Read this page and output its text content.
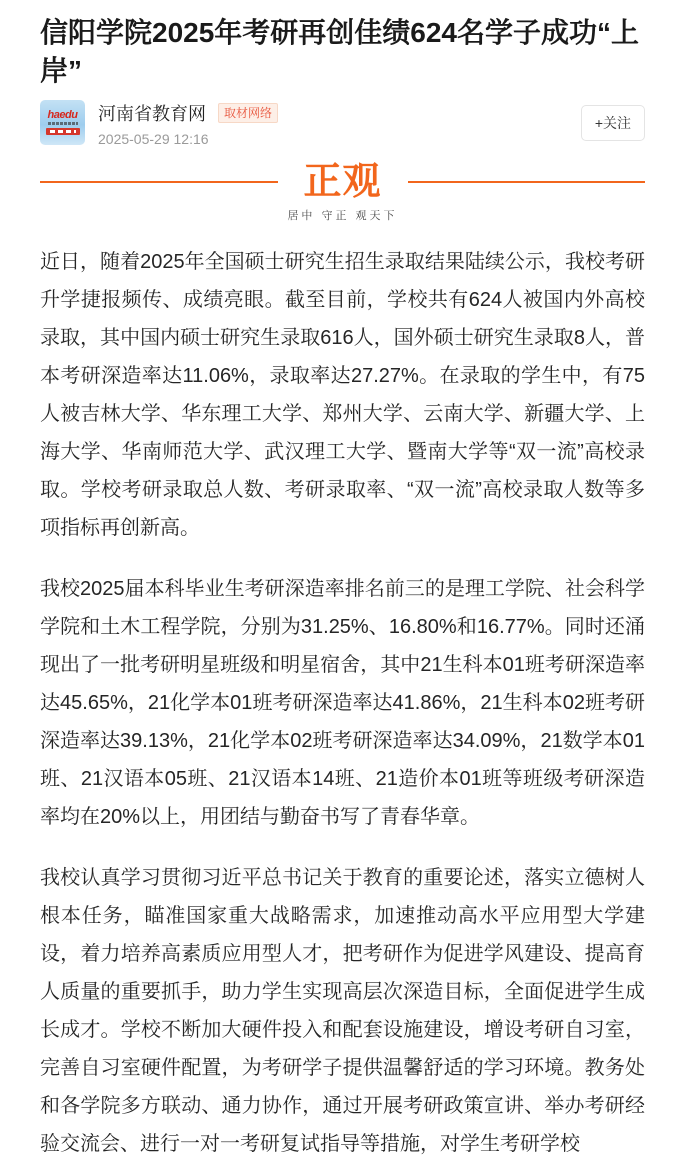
信阳学院2025年考研再创佳绩624名学子成功“上岸”
haedu 河南省教育网	取材网络
2025-05-29 12:16
+关注
正观
居中 守正 观天下

近日，随着2025年全国硕士研究生招生录取结果陆续公示，我校考研升学捷报频传、成绩亮眼。截至目前，学校共有624人被国内外高校录取，其中国内硕士研究生录取616人，国外硕士研究生录取8人，普本考研深造率达11.06%，录取率达27.27%。在录取的学生中，有75人被吉林大学、华东理工大学、郑州大学、云南大学、新疆大学、上海大学、华南师范大学、武汉理工大学、暨南大学等“双一流”高校录取。学校考研录取总人数、考研录取率、“双一流”高校录取人数等多项指标再创新高。

我校2025届本科毕业生考研深造率排名前三的是理工学院、社会科学学院和土木工程学院，分别为31.25%、16.80%和16.77%。同时还涌现出了一批考研明星班级和明星宿舍，其中21生科本01班考研深造率达45.65%，21化学本01班考研深造率达41.86%，21生科本02班考研深造率达39.13%，21化学本02班考研深造率达34.09%，21数学本01班、21汉语本05班、21汉语本14班、21造价本01班等班级考研深造率均在20%以上，用团结与勤奋书写了青春华章。

我校认真学习贯彻习近平总书记关于教育的重要论述，落实立德树人根本任务，瞄准国家重大战略需求，加速推动高水平应用型大学建设，着力培养高素质应用型人才，把考研作为促进学风建设、提高育人质量的重要抓手，助力学生实现高层次深造目标，全面促进学生成长成才。学校不断加大硬件投入和配套设施建设，增设考研自习室，完善自习室硬件配置，为考研学子提供温馨舒适的学习环境。教务处和各学院多方联动、通力协作，通过开展考研政策宣讲、举办考研经验交流会、进行一对一考研复试指导等措施，对学生考研学校
